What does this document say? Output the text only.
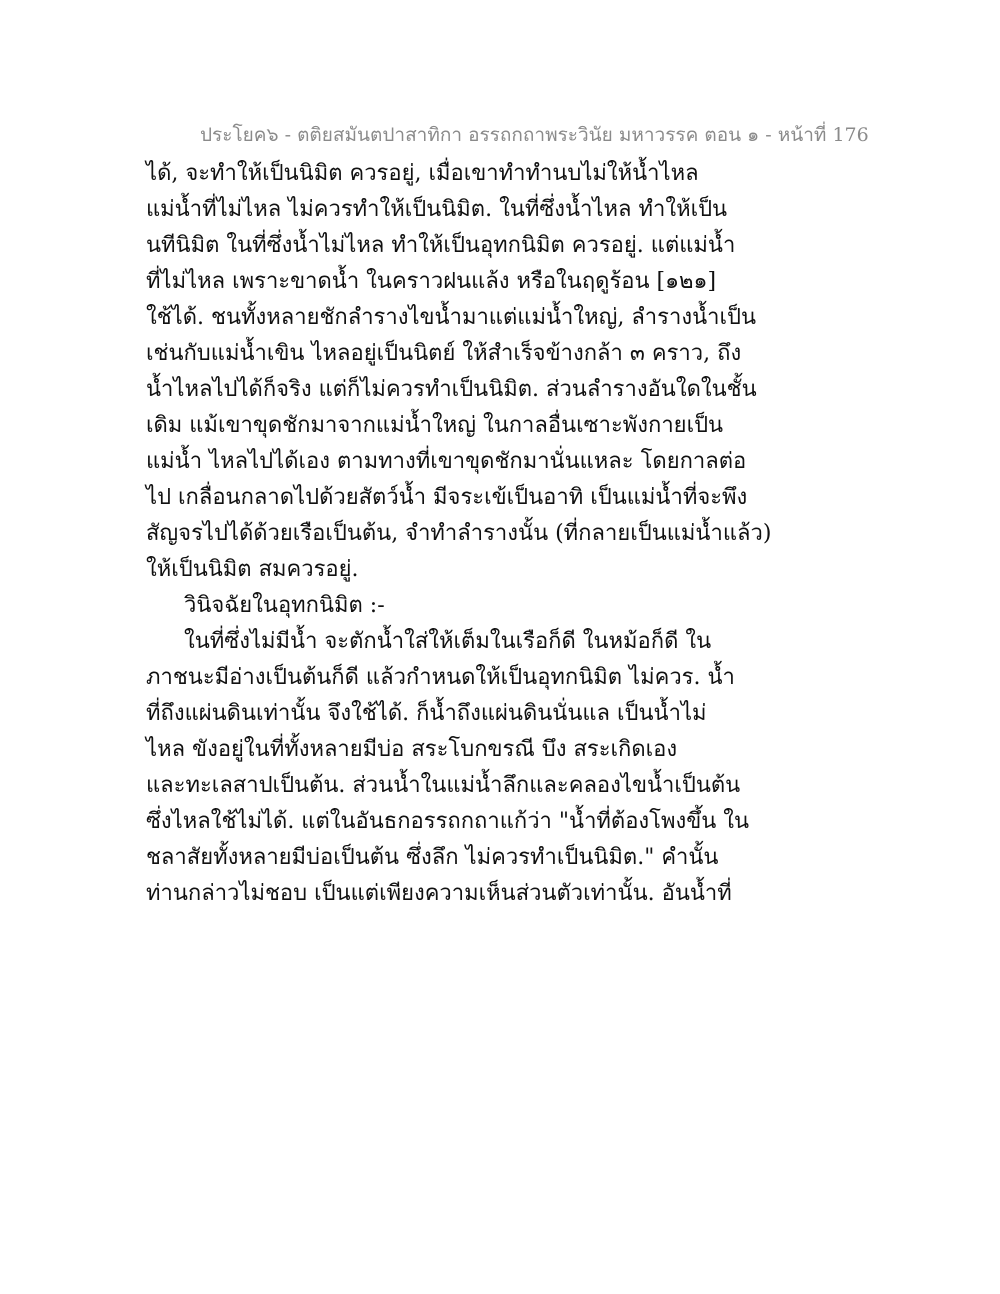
ประโยค๖ - ตติยสมันตปาสาทิกา อรรถกถาพระวินัย มหาวรรค ตอน ๑ - หน้าที่ 176
ได้, จะทำให้เป็นนิมิต ควรอยู่, เมื่อเขาทำทำนบไม่ให้น้ำไหล
แม่น้ำที่ไม่ไหล ไม่ควรทำให้เป็นนิมิต. ในที่ซึ่งน้ำไหล ทำให้เป็น
นทีนิมิต ในที่ซึ่งน้ำไม่ไหล ทำให้เป็นอุทกนิมิต ควรอยู่. แต่แม่น้ำ
ที่ไม่ไหล เพราะขาดน้ำ ในคราวฝนแล้ง หรือในฤดูร้อน [๑๒๑]
ใช้ได้. ชนทั้งหลายชักลำรางไขน้ำมาแต่แม่น้ำใหญ่, ลำรางน้ำเป็น
เช่นกับแม่น้ำเขิน ไหลอยู่เป็นนิตย์ ให้สำเร็จข้างกล้า ๓ คราว, ถึง
น้ำไหลไปได้ก็จริง แต่ก็ไม่ควรทำเป็นนิมิต. ส่วนลำรางอันใดในชั้น
เดิม แม้เขาขุดชักมาจากแม่น้ำใหญ่ ในกาลอื่นเซาะพังกายเป็น
แม่น้ำ ไหลไปได้เอง ตามทางที่เขาขุดชักมานั่นแหละ โดยกาลต่อ
ไป เกลื่อนกลาดไปด้วยสัตว์น้ำ มีจระเข้เป็นอาทิ เป็นแม่น้ำที่จะพึง
สัญจรไปได้ด้วยเรือเป็นต้น, จำทำลำรางนั้น (ที่กลายเป็นแม่น้ำแล้ว)
ให้เป็นนิมิต สมควรอยู่.
วินิจฉัยในอุทกนิมิต :-
ในที่ซึ่งไม่มีน้ำ จะตักน้ำใส่ให้เต็มในเรือก็ดี ในหม้อก็ดี ใน
ภาชนะมีอ่างเป็นต้นก็ดี แล้วกำหนดให้เป็นอุทกนิมิต ไม่ควร. น้ำ
ที่ถึงแผ่นดินเท่านั้น จึงใช้ได้. ก็น้ำถึงแผ่นดินนั่นแล เป็นน้ำไม่
ไหล ขังอยู่ในที่ทั้งหลายมีบ่อ สระโบกขรณี บึง สระเกิดเอง
และทะเลสาปเป็นต้น. ส่วนน้ำในแม่น้ำลึกและคลองไขน้ำเป็นต้น
ซึ่งไหลใช้ไม่ได้. แต่ในอันธกอรรถกถาแก้ว่า "น้ำที่ต้องโพงขึ้น ใน
ชลาสัยทั้งหลายมีบ่อเป็นต้น ซึ่งลึก ไม่ควรทำเป็นนิมิต." คำนั้น
ท่านกล่าวไม่ชอบ เป็นแต่เพียงความเห็นส่วนตัวเท่านั้น. อันน้ำที่
